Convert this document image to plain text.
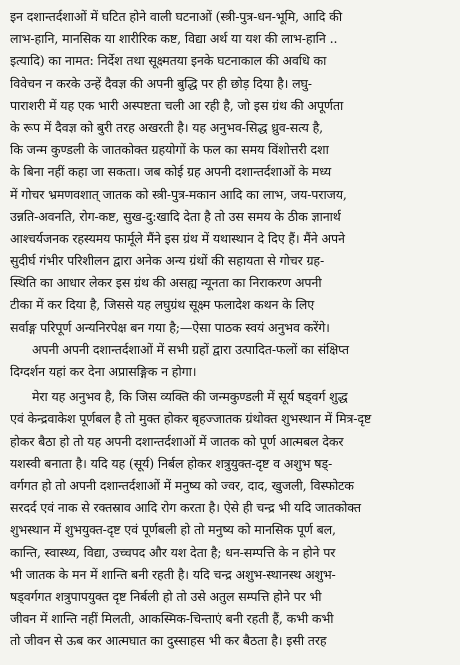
इन दशान्तर्दशाओं में घटित होने वाली घटनाओं (स्त्री-पुत्र-धन-भूमि, आदि की
लाभ-हानि, मानसिक या शारीरिक कष्ट, विद्या अर्थ या यश की लाभ-हानि ..
इत्यादि) का नामत: निर्देश तथा सूक्ष्मतया इनके घटनाकाल की अवधि का
विवेचन न करके उन्हें दैवज्ञ की अपनी बुद्धि पर ही छोड़ दिया है। लघु-
पाराशरी में यह एक भारी अस्पष्टता चली आ रही है, जो इस ग्रंथ की अपूर्णता
के रूप में दैवज्ञ को बुरी तरह अखरती है। यह अनुभव-सिद्ध ध्रुव-सत्य है,
कि जन्म कुण्डली के जातकोक्त ग्रहयोगों के फल का समय विंशोत्तरी दशा
के बिना नहीं कहा जा सकता। जब कोई ग्रह अपनी दशान्तर्दशाओं के मध्य
में गोचर भ्रमणवशात् जातक को स्त्री-पुत्र-मकान आदि का लाभ, जय-पराजय,
उन्नति-अवनति, रोग-कष्ट, सुख-दु:खादि देता है तो उस समय के ठीक ज्ञानार्थ
आश्चर्यजनक रहस्यमय फार्मूले मैंने इस ग्रंथ में यथास्थान दे दिए हैं। मैंने अपने
सुदीर्घ गंभीर परिशीलन द्वारा अनेक अन्य ग्रंथों की सहायता से गोचर ग्रह-
स्थिति का आधार लेकर इस ग्रंथ की असह्य न्यूनता का निराकरण अपनी
टीका में कर दिया है, जिससे यह लघुग्रंथ सूक्ष्म फलादेश कथन के लिए
सर्वाङ्ग परिपूर्ण अन्यनिरपेक्ष बन गया है;—ऐसा पाठक स्वयं अनुभव करेंगे।
अपनी अपनी दशान्तर्दशाओं में सभी ग्रहों द्वारा उत्पादित-फलों का संक्षिप्त
दिग्दर्शन यहां कर देना अप्रासङ्गिक न होगा।
मेरा यह अनुभव है, कि जिस व्यक्ति की जन्मकुण्डली में सूर्य षड्वर्ग शुद्ध
एवं केन्द्रवाकेश पूर्णबल है तो मुक्त होकर बृहज्जातक ग्रंथोक्त शुभस्थान में मित्र-दृष्ट
होकर बैठा हो तो यह अपनी दशान्तर्दशाओं में जातक को पूर्ण आत्मबल देकर
यशस्वी बनाता है। यदि यह (सूर्य) निर्बल होकर शत्रुयुक्त-दृष्ट व अशुभ षड्-
वर्गगत हो तो अपनी दशान्तर्दशाओं में मनुष्य को ज्वर, दाद, खुजली, विस्फोटक
सरदर्द एवं नाक से रक्तस्राव आदि रोग करता है। ऐसे ही चन्द्र भी यदि जातकोक्त
शुभस्थान में शुभयुक्त-दृष्ट एवं पूर्णबली हो तो मनुष्य को मानसिक पूर्ण बल,
कान्ति, स्वास्थ्य, विद्या, उच्चपद और यश देता है; धन-सम्पत्ति के न होने पर
भी जातक के मन में शान्ति बनी रहती है। यदि चन्द्र अशुभ-स्थानस्थ अशुभ-
षड्वर्गगत शत्रुपापयुक्त दृष्ट निर्बली हो तो उसे अतुल सम्पत्ति होने पर भी
जीवन में शान्ति नहीं मिलती, आकस्मिक-चिन्ताएं बनी रहती हैं, कभी कभी
तो जीवन से ऊब कर आत्मघात का दुस्साहस भी कर बैठता है। इसी तरह
